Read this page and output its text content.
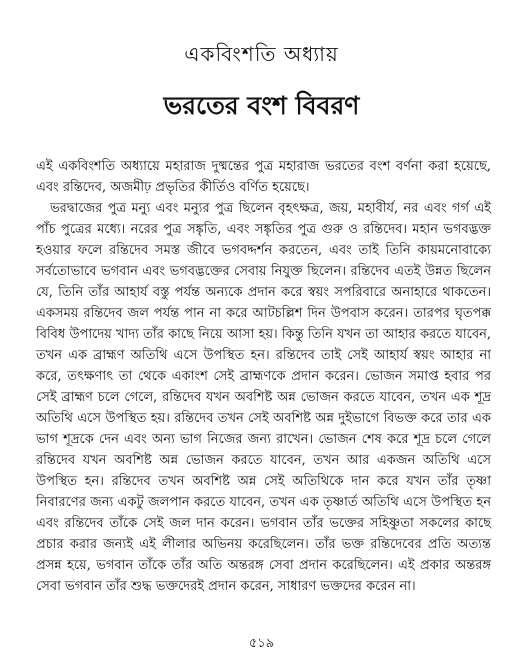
একবিংশতি অধ্যায়
ভরতের বংশ বিবরণ

এই একবিংশতি অধ্যায়ে মহারাজ দুষ্মন্তের পুত্র মহারাজ ভরতের বংশ বর্ণনা করা হয়েছে, এবং রন্তিদেব, অজমীঢ় প্রভৃতির কীর্তিও বর্ণিত হয়েছে।

ভরদ্বাজের পুত্র মন্যু এবং মন্যুর পুত্র ছিলেন বৃহৎক্ষত্র, জয়, মহাবীর্য, নর এবং গর্গ এই পাঁচ পুত্রের মধ্যে। নরের পুত্র সঙ্কৃতি, এবং সঙ্কৃতির পুত্র গুরু ও রন্তিদেব। মহান ভগবদ্ভক্ত হওয়ার ফলে রন্তিদেব সমস্ত জীবে ভগবদ্দর্শন করতেন, এবং তাই তিনি কায়মনোবাক্যে সর্বতোভাবে ভগবান এবং ভগবদ্ভক্তের সেবায় নিযুক্ত ছিলেন। রন্তিদেব এতই উন্নত ছিলেন যে, তিনি তাঁর আহার্য বস্তু পর্যন্ত অন্যকে প্রদান করে স্বয়ং সপরিবারে অনাহারে থাকতেন। একসময় রন্তিদেব জল পর্যন্ত পান না করে আটচল্লিশ দিন উপবাস করেন। তারপর ঘৃতপক্ক বিবিধ উপাদেয় খাদ্য তাঁর কাছে নিয়ে আসা হয়। কিন্তু তিনি যখন তা আহার করতে যাবেন, তখন এক ব্রাহ্মণ অতিথি এসে উপস্থিত হন। রন্তিদেব তাই সেই আহার্য স্বয়ং আহার না করে, তৎক্ষণাৎ তা থেকে একাংশ সেই ব্রাহ্মণকে প্রদান করেন। ভোজন সমাপ্ত হবার পর সেই ব্রাহ্মণ চলে গেলে, রন্তিদেব যখন অবশিষ্ট অন্ন ভোজন করতে যাবেন, তখন এক শূদ্র অতিথি এসে উপস্থিত হয়। রন্তিদেব তখন সেই অবশিষ্ট অন্ন দুইভাগে বিভক্ত করে তার এক ভাগ শূদ্রকে দেন এবং অন্য ভাগ নিজের জন্য রাখেন। ভোজন শেষ করে শূদ্র চলে গেলে রন্তিদেব যখন অবশিষ্ট অন্ন ভোজন করতে যাবেন, তখন আর একজন অতিথি এসে উপস্থিত হন। রন্তিদেব তখন অবশিষ্ট অন্ন সেই অতিথিকে দান করে যখন তাঁর তৃষ্ণা নিবারণের জন্য একটু জলপান করতে যাবেন, তখন এক তৃষ্ণার্ত অতিথি এসে উপস্থিত হন এবং রন্তিদেব তাঁকে সেই জল দান করেন। ভগবান তাঁর ভক্তের সহিষ্ণুতা সকলের কাছে প্রচার করার জন্যই এই লীলার অভিনয় করেছিলেন। তাঁর ভক্ত রন্তিদেবের প্রতি অত্যন্ত প্রসন্ন হয়ে, ভগবান তাঁকে তাঁর অতি অন্তরঙ্গ সেবা প্রদান করেছিলেন। এই প্রকার অন্তরঙ্গ সেবা ভগবান তাঁর শুদ্ধ ভক্তদেরই প্রদান করেন, সাধারণ ভক্তদের করেন না।

৫১৯
